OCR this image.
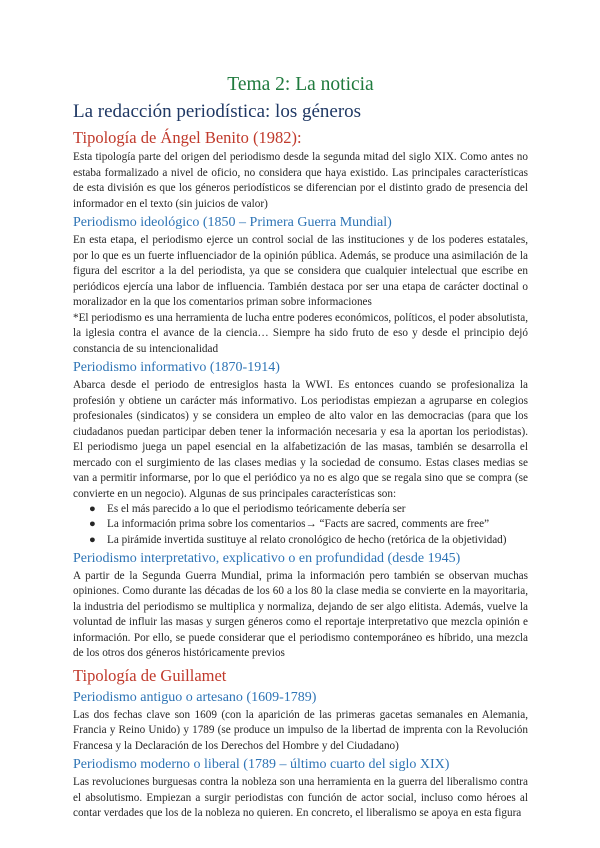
Tema 2: La noticia
La redacción periodística: los géneros
Tipología de Ángel Benito (1982):

Esta tipología parte del origen del periodismo desde la segunda mitad del siglo XIX. Como antes no estaba formalizado a nivel de oficio, no considera que haya existido. Las principales características de esta división es que los géneros periodísticos se diferencian por el distinto grado de presencia del informador en el texto (sin juicios de valor)

Periodismo ideológico (1850 – Primera Guerra Mundial)

En esta etapa, el periodismo ejerce un control social de las instituciones y de los poderes estatales, por lo que es un fuerte influenciador de la opinión pública. Además, se produce una asimilación de la figura del escritor a la del periodista, ya que se considera que cualquier intelectual que escribe en periódicos ejercía una labor de influencia. También destaca por ser una etapa de carácter doctinal o moralizador en la que los comentarios priman sobre informaciones

*El periodismo es una herramienta de lucha entre poderes económicos, políticos, el poder absolutista, la iglesia contra el avance de la ciencia… Siempre ha sido fruto de eso y desde el principio dejó constancia de su intencionalidad

Periodismo informativo (1870-1914)

Abarca desde el periodo de entresiglos hasta la WWI. Es entonces cuando se profesionaliza la profesión y obtiene un carácter más informativo. Los periodistas empiezan a agruparse en colegios profesionales (sindicatos) y se considera un empleo de alto valor en las democracias (para que los ciudadanos puedan participar deben tener la información necesaria y esa la aportan los periodistas). El periodismo juega un papel esencial en la alfabetización de las masas, también se desarrolla el mercado con el surgimiento de las clases medias y la sociedad de consumo. Estas clases medias se van a permitir informarse, por lo que el periódico ya no es algo que se regala sino que se compra (se convierte en un negocio). Algunas de sus principales características son:

● Es el más parecido a lo que el periodismo teóricamente debería ser
● La información prima sobre los comentarios→ “Facts are sacred, comments are free”
● La pirámide invertida sustituye al relato cronológico de hecho (retórica de la objetividad)
Periodismo interpretativo, explicativo o en profundidad (desde 1945)

A partir de la Segunda Guerra Mundial, prima la información pero también se observan muchas opiniones. Como durante las décadas de los 60 a los 80 la clase media se convierte en la mayoritaria, la industria del periodismo se multiplica y normaliza, dejando de ser algo elitista. Además, vuelve la voluntad de influir las masas y surgen géneros como el reportaje interpretativo que mezcla opinión e información. Por ello, se puede considerar que el periodismo contemporáneo es híbrido, una mezcla de los otros dos géneros históricamente previos

Tipología de Guillamet
Periodismo antiguo o artesano (1609-1789)

Las dos fechas clave son 1609 (con la aparición de las primeras gacetas semanales en Alemania, Francia y Reino Unido) y 1789 (se produce un impulso de la libertad de imprenta con la Revolución Francesa y la Declaración de los Derechos del Hombre y del Ciudadano)

Periodismo moderno o liberal (1789 – último cuarto del siglo XIX)

Las revoluciones burguesas contra la nobleza son una herramienta en la guerra del liberalismo contra el absolutismo. Empiezan a surgir periodistas con función de actor social, incluso como héroes al contar verdades que los de la nobleza no quieren. En concreto, el liberalismo se apoya en esta figura
